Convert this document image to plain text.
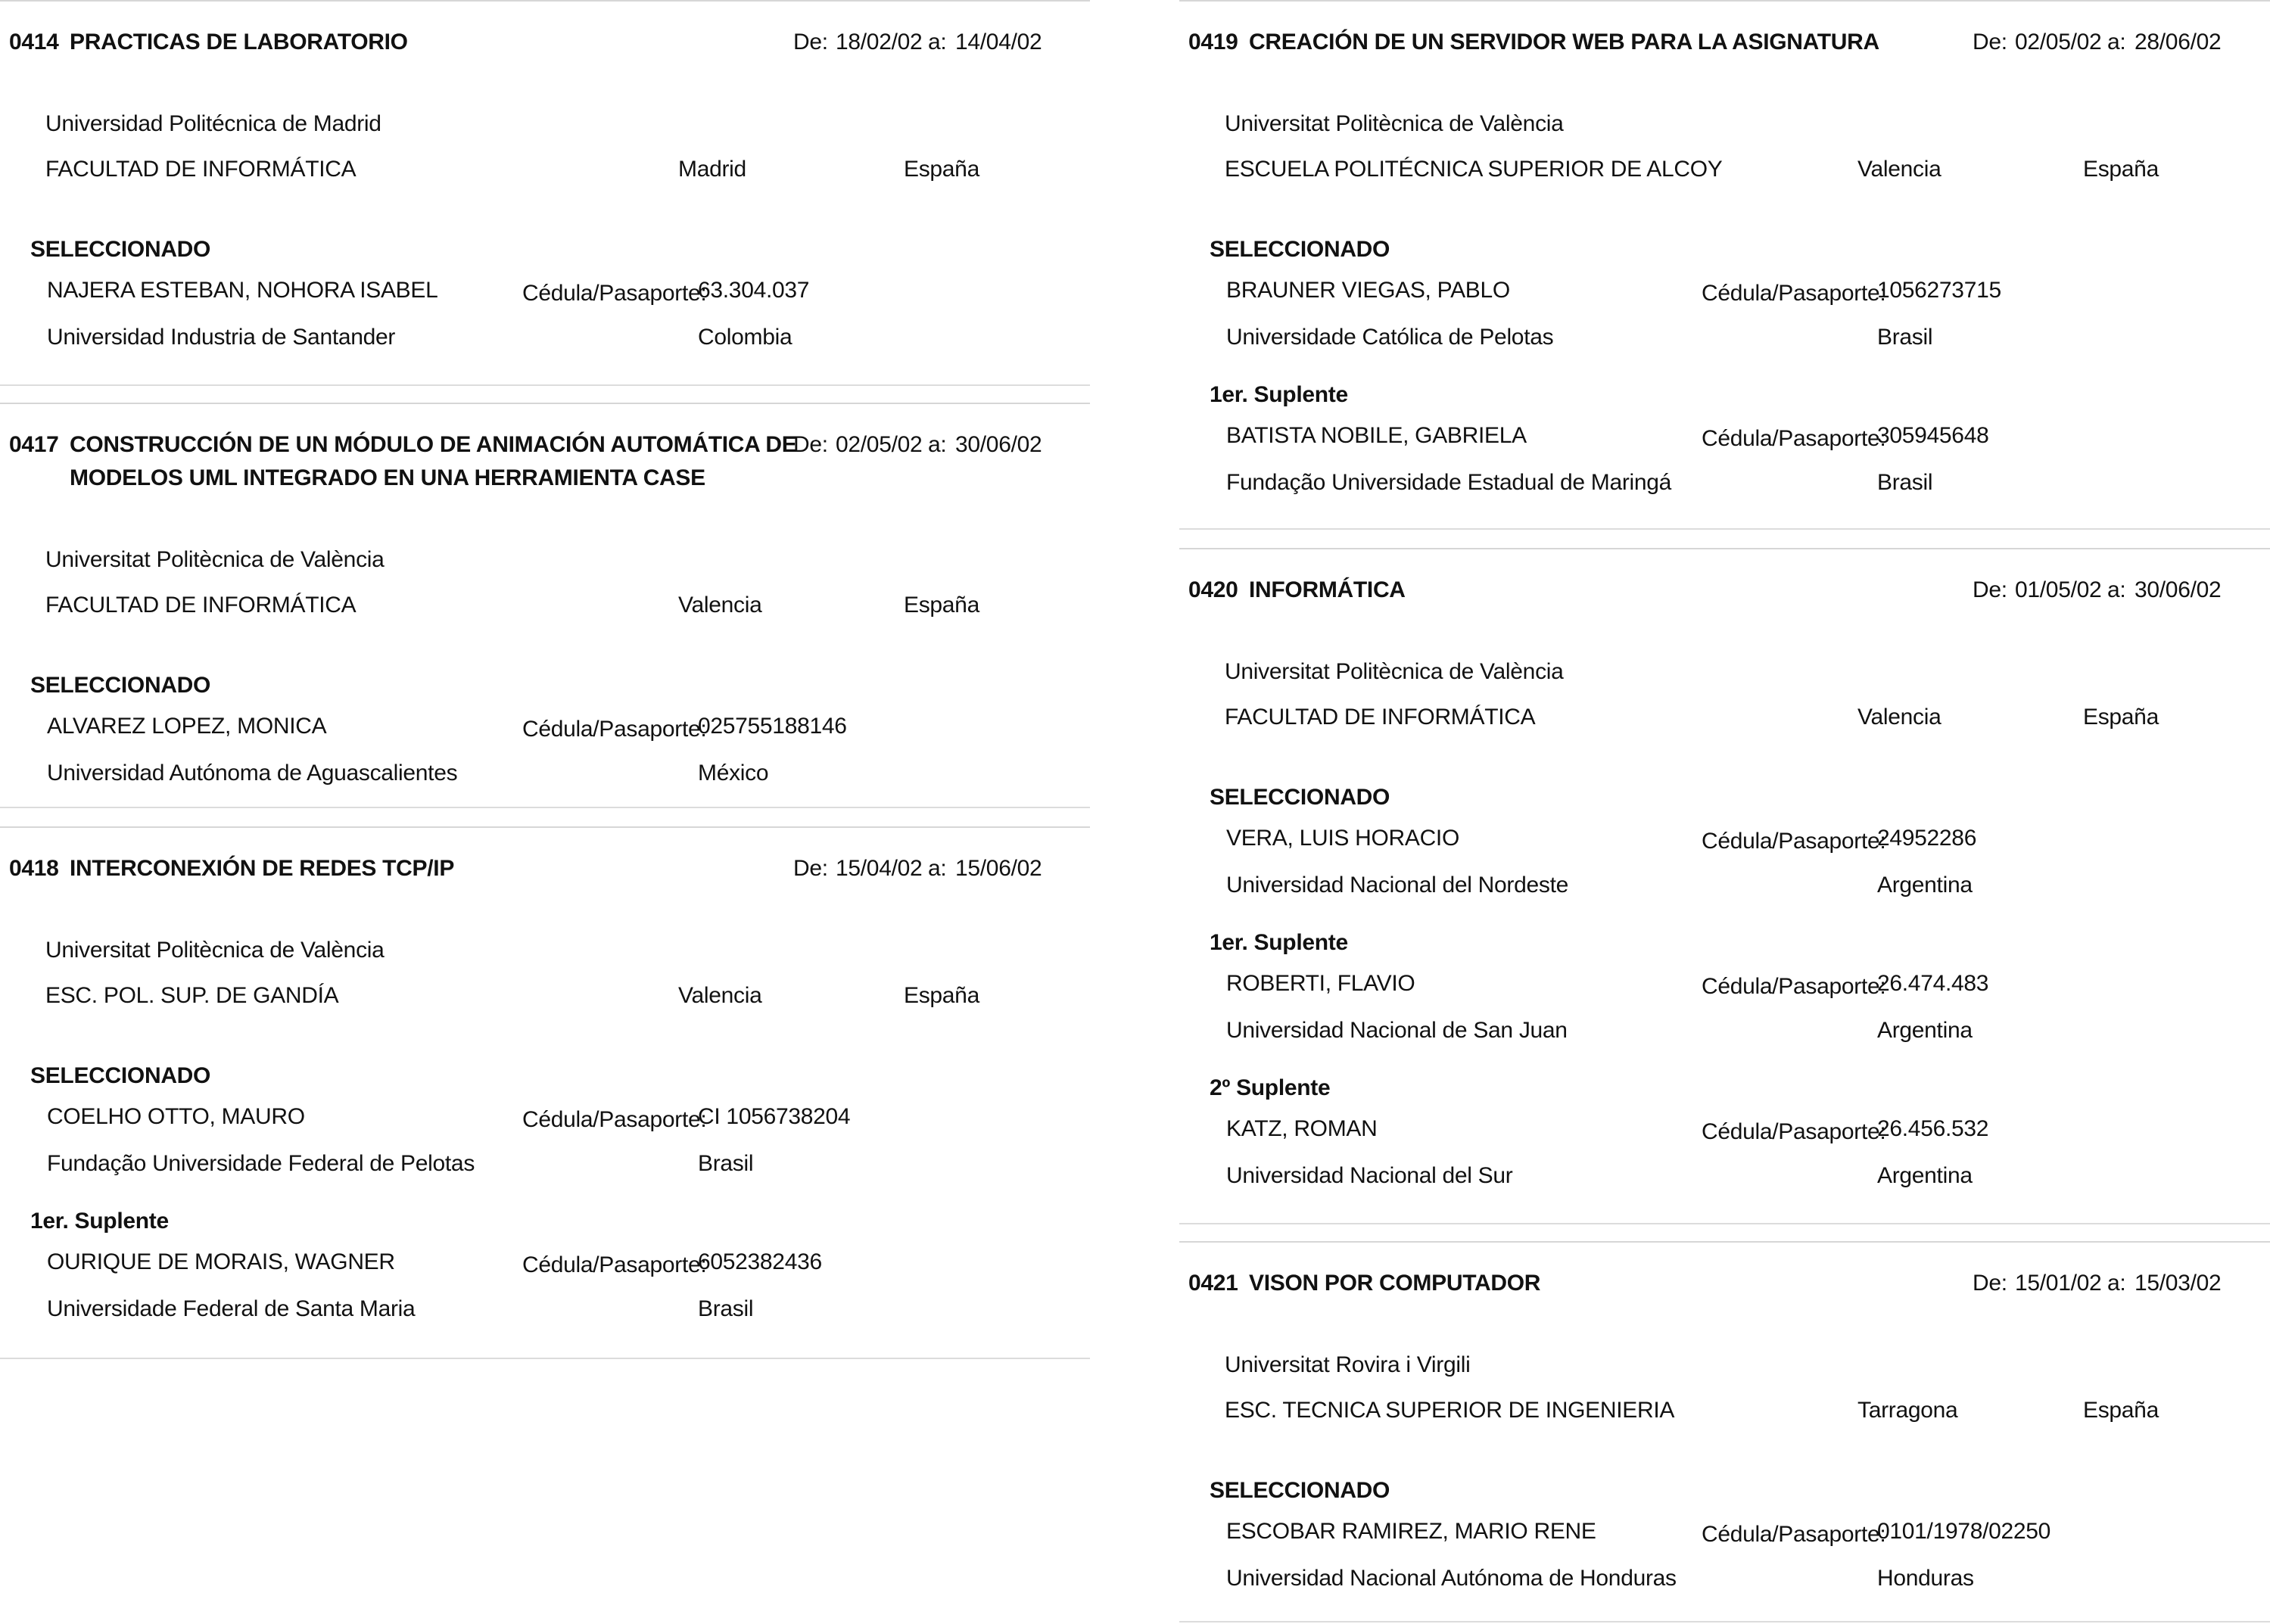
0414 PRACTICAS DE LABORATORIO	De: 18/02/02 a: 14/04/02
Universidad Politécnica de Madrid
FACULTAD DE INFORMÁTICA	Madrid	España
SELECCIONADO
NAJERA ESTEBAN, NOHORA ISABEL	Cédula/Pasaporte:
63.304.037
Universidad Industria de Santander	Colombia
0417 CONSTRUCCIÓN DE UN MÓDULO DE ANIMACIÓN AUTOMÁTICA DE
MODELOS UML INTEGRADO EN UNA HERRAMIENTA CASE
De: 02/05/02 a: 30/06/02
Universitat Politècnica de València
FACULTAD DE INFORMÁTICA	Valencia	España
SELECCIONADO
ALVAREZ LOPEZ, MONICA	Cédula/Pasaporte:
025755188146
Universidad Autónoma de Aguascalientes	México
0418 INTERCONEXIÓN DE REDES TCP/IP	De: 15/04/02 a: 15/06/02
Universitat Politècnica de València
ESC. POL. SUP. DE GANDÍA	Valencia	España
SELECCIONADO
COELHO OTTO, MAURO	Cédula/Pasaporte:
CI 1056738204
Fundação Universidade Federal de Pelotas	Brasil
1er. Suplente
OURIQUE DE MORAIS, WAGNER	Cédula/Pasaporte:
6052382436
Universidade Federal de Santa Maria	Brasil
0419 CREACIÓN DE UN SERVIDOR WEB PARA LA ASIGNATURA	De: 02/05/02 a: 28/06/02
Universitat Politècnica de València
ESCUELA POLITÉCNICA SUPERIOR DE ALCOY	Valencia	España
SELECCIONADO
BRAUNER VIEGAS, PABLO	Cédula/Pasaporte:
1056273715
Universidade Católica de Pelotas	Brasil
1er. Suplente
BATISTA NOBILE, GABRIELA	Cédula/Pasaporte:
305945648
Fundação Universidade Estadual de Maringá	Brasil
0420 INFORMÁTICA	De: 01/05/02 a: 30/06/02
Universitat Politècnica de València
FACULTAD DE INFORMÁTICA	Valencia	España
SELECCIONADO
VERA, LUIS HORACIO	Cédula/Pasaporte:
24952286
Universidad Nacional del Nordeste	Argentina
1er. Suplente
ROBERTI, FLAVIO	Cédula/Pasaporte:
26.474.483
Universidad Nacional de San Juan	Argentina
2º Suplente
KATZ, ROMAN	Cédula/Pasaporte:
26.456.532
Universidad Nacional del Sur	Argentina
0421 VISON POR COMPUTADOR	De: 15/01/02 a: 15/03/02
Universitat Rovira i Virgili
ESC. TECNICA SUPERIOR DE INGENIERIA	Tarragona	España
SELECCIONADO
ESCOBAR RAMIREZ, MARIO RENE	Cédula/Pasaporte:
0101/1978/02250
Universidad Nacional Autónoma de Honduras	Honduras
